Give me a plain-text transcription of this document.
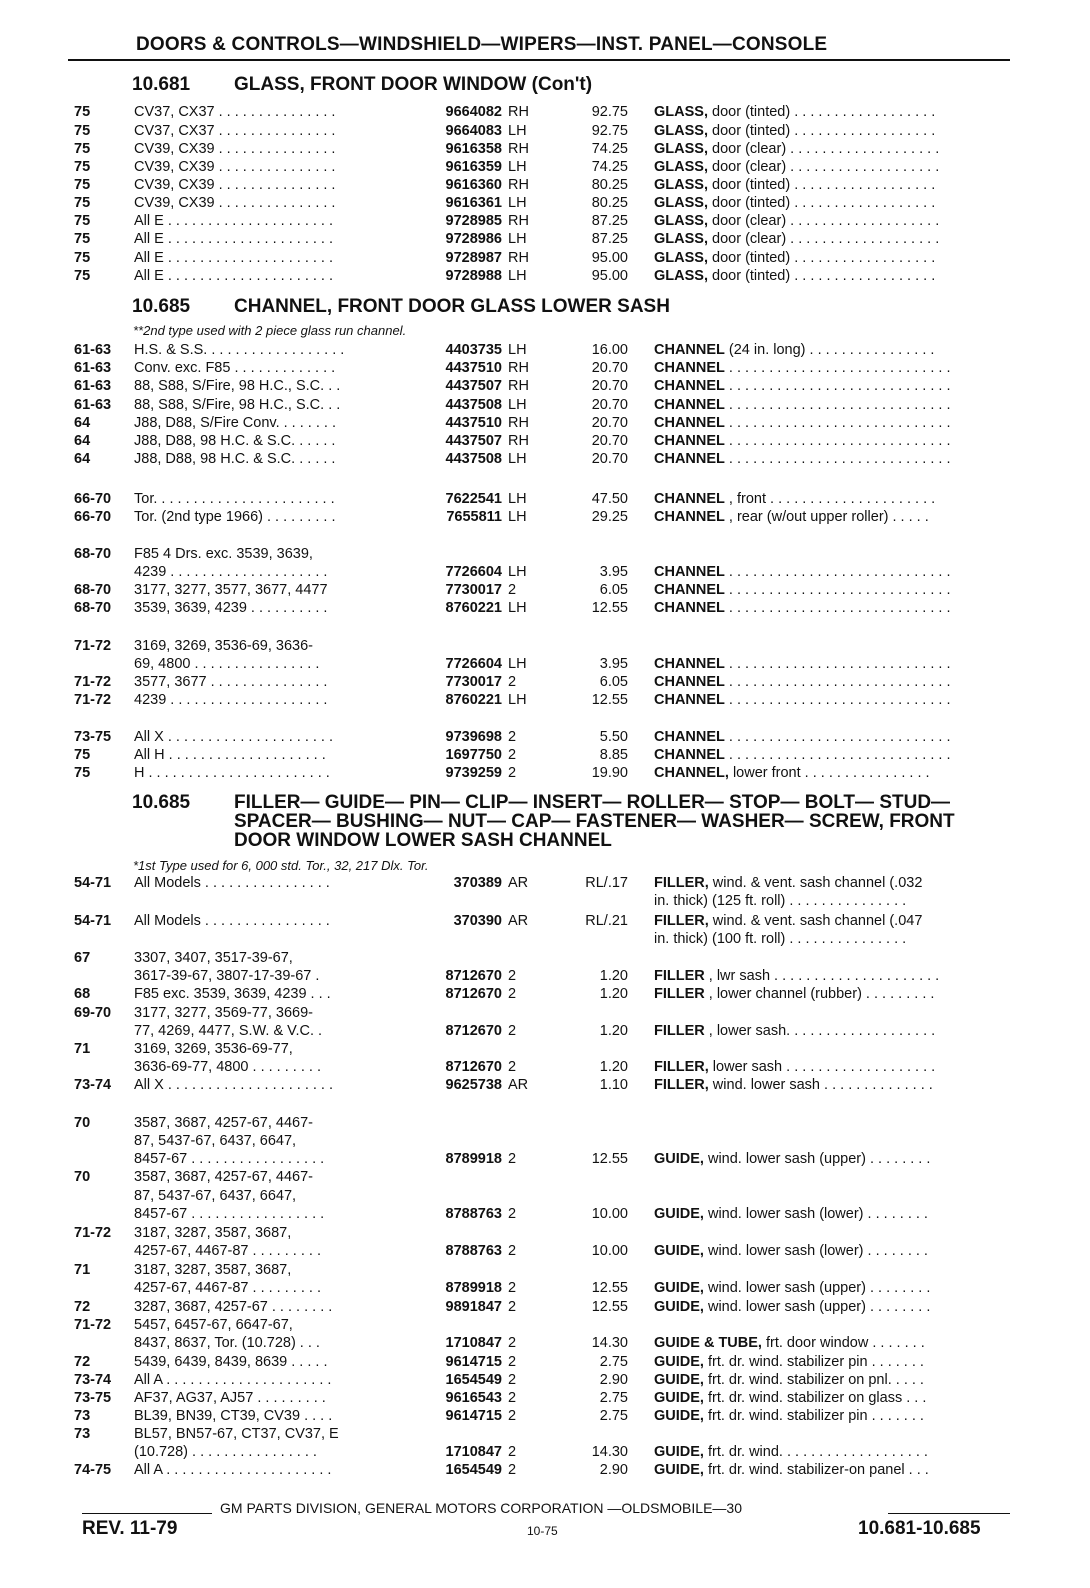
DOORS & CONTROLS—WINDSHIELD—WIPERS—INST. PANEL—CONSOLE
10.681 GLASS, FRONT DOOR WINDOW (Con't)
10.685 CHANNEL, FRONT DOOR GLASS LOWER SASH
**2nd type used with 2 piece glass run channel.
10.685 FILLER— GUIDE— PIN— CLIP— INSERT— ROLLER— STOP— BOLT— STUD— SPACER— BUSHING— NUT— CAP— FASTENER— WASHER— SCREW, FRONT DOOR WINDOW LOWER SASH CHANNEL
*1st Type used for 6, 000 std. Tor., 32, 217 Dlx. Tor.
75	CV37, CX37 . . . . . . . . . . . . . . .	9664082 RH	92.75 GLASS, door (tinted) . . . . . . . . . . . . . . . . . .
75	CV37, CX37 . . . . . . . . . . . . . . .	9664083 LH	92.75 GLASS, door (tinted) . . . . . . . . . . . . . . . . . .
75	CV39, CX39 . . . . . . . . . . . . . . .	9616358 RH	74.25 GLASS, door (clear) . . . . . . . . . . . . . . . . . . .
75	CV39, CX39 . . . . . . . . . . . . . . .	9616359 LH	74.25 GLASS, door (clear) . . . . . . . . . . . . . . . . . . .
75	CV39, CX39 . . . . . . . . . . . . . . .	9616360 RH	80.25 GLASS, door (tinted) . . . . . . . . . . . . . . . . . .
75	CV39, CX39 . . . . . . . . . . . . . . .	9616361 LH	80.25 GLASS, door (tinted) . . . . . . . . . . . . . . . . . .
75	All E . . . . . . . . . . . . . . . . . . . . .	9728985 RH	87.25 GLASS, door (clear) . . . . . . . . . . . . . . . . . . .
75	All E . . . . . . . . . . . . . . . . . . . . .	9728986 LH	87.25 GLASS, door (clear) . . . . . . . . . . . . . . . . . . .
75	All E . . . . . . . . . . . . . . . . . . . . .	9728987 RH	95.00 GLASS, door (tinted) . . . . . . . . . . . . . . . . . .
75	All E . . . . . . . . . . . . . . . . . . . . .	9728988 LH	95.00 GLASS, door (tinted) . . . . . . . . . . . . . . . . . .
61-63 H.S. & S.S. . . . . . . . . . . . . . . . . .	4403735 LH	16.00 CHANNEL (24 in. long) . . . . . . . . . . . . . . . .
61-63 Conv. exc. F85 . . . . . . . . . . . . .	4437510 RH	20.70 CHANNEL . . . . . . . . . . . . . . . . . . . . . . . . . . . .
61-63 88, S88, S/Fire, 98 H.C., S.C. . .	4437507 RH	20.70 CHANNEL . . . . . . . . . . . . . . . . . . . . . . . . . . . .
61-63 88, S88, S/Fire, 98 H.C., S.C. . .	4437508 LH	20.70 CHANNEL . . . . . . . . . . . . . . . . . . . . . . . . . . . .
64	J88, D88, S/Fire Conv. . . . . . . .	4437510 RH	20.70 CHANNEL . . . . . . . . . . . . . . . . . . . . . . . . . . . .
64	J88, D88, 98 H.C. & S.C. . . . . .	4437507 RH	20.70 CHANNEL . . . . . . . . . . . . . . . . . . . . . . . . . . . .
64	J88, D88, 98 H.C. & S.C. . . . . .	4437508 LH	20.70 CHANNEL . . . . . . . . . . . . . . . . . . . . . . . . . . . .
66-70 Tor. . . . . . . . . . . . . . . . . . . . . . .	7622541 LH	47.50 CHANNEL , front . . . . . . . . . . . . . . . . . . . . .
66-70 Tor. (2nd type 1966) . . . . . . . . .	7655811 LH	29.25 CHANNEL , rear (w/out upper roller) . . . . .
68-70 F85 4 Drs. exc. 3539, 3639,
4239 . . . . . . . . . . . . . . . . . . . .	7726604 LH	3.95 CHANNEL . . . . . . . . . . . . . . . . . . . . . . . . . . . .
68-70 3177, 3277, 3577, 3677, 4477	7730017 2	6.05 CHANNEL . . . . . . . . . . . . . . . . . . . . . . . . . . . .
68-70 3539, 3639, 4239 . . . . . . . . . .	8760221 LH	12.55 CHANNEL . . . . . . . . . . . . . . . . . . . . . . . . . . . .
71-72 3169, 3269, 3536-69, 3636-
69, 4800 . . . . . . . . . . . . . . . .	7726604 LH	3.95 CHANNEL . . . . . . . . . . . . . . . . . . . . . . . . . . . .
71-72 3577, 3677 . . . . . . . . . . . . . . .	7730017 2	6.05 CHANNEL . . . . . . . . . . . . . . . . . . . . . . . . . . . .
71-72 4239 . . . . . . . . . . . . . . . . . . . .	8760221 LH	12.55 CHANNEL . . . . . . . . . . . . . . . . . . . . . . . . . . . .
73-75 All X . . . . . . . . . . . . . . . . . . . . .	9739698 2	5.50 CHANNEL . . . . . . . . . . . . . . . . . . . . . . . . . . . .
75	All H . . . . . . . . . . . . . . . . . . . .	1697750 2	8.85 CHANNEL . . . . . . . . . . . . . . . . . . . . . . . . . . . .
75	H . . . . . . . . . . . . . . . . . . . . . . .	9739259 2	19.90 CHANNEL, lower front . . . . . . . . . . . . . . . .
54-71 All Models . . . . . . . . . . . . . . . .	370389 AR	RL/.17 FILLER, wind. & vent. sash channel (.032
in. thick) (125 ft. roll) . . . . . . . . . . . . . . .
54-71 All Models . . . . . . . . . . . . . . . .	370390 AR	RL/.21 FILLER, wind. & vent. sash channel (.047
in. thick) (100 ft. roll) . . . . . . . . . . . . . . .
67	3307, 3407, 3517-39-67,
3617-39-67, 3807-17-39-67 .	8712670 2	1.20 FILLER , lwr sash . . . . . . . . . . . . . . . . . . . . .
68	F85 exc. 3539, 3639, 4239 . . .	8712670 2	1.20 FILLER , lower channel (rubber) . . . . . . . . .
69-70 3177, 3277, 3569-77, 3669-
77, 4269, 4477, S.W. & V.C. .	8712670 2	1.20 FILLER , lower sash. . . . . . . . . . . . . . . . . . .
71	3169, 3269, 3536-69-77,
3636-69-77, 4800 . . . . . . . . .	8712670 2	1.20 FILLER, lower sash . . . . . . . . . . . . . . . . . . .
73-74 All X . . . . . . . . . . . . . . . . . . . . .	9625738 AR	1.10 FILLER, wind. lower sash . . . . . . . . . . . . . .
70	3587, 3687, 4257-67, 4467-
87, 5437-67, 6437, 6647,
8457-67 . . . . . . . . . . . . . . . . .	8789918 2	12.55 GUIDE, wind. lower sash (upper) . . . . . . . .
70	3587, 3687, 4257-67, 4467-
87, 5437-67, 6437, 6647,
8457-67 . . . . . . . . . . . . . . . . .	8788763 2	10.00 GUIDE, wind. lower sash (lower) . . . . . . . .
71-72 3187, 3287, 3587, 3687,
4257-67, 4467-87 . . . . . . . . .	8788763 2	10.00 GUIDE, wind. lower sash (lower) . . . . . . . .
71	3187, 3287, 3587, 3687,
4257-67, 4467-87 . . . . . . . . .	8789918 2	12.55 GUIDE, wind. lower sash (upper) . . . . . . . .
72	3287, 3687, 4257-67 . . . . . . . .	9891847 2	12.55 GUIDE, wind. lower sash (upper) . . . . . . . .
71-72 5457, 6457-67, 6647-67,
8437, 8637, Tor. (10.728) . . .	1710847 2	14.30 GUIDE & TUBE, frt. door window . . . . . . .
72	5439, 6439, 8439, 8639 . . . . .	9614715 2	2.75 GUIDE, frt. dr. wind. stabilizer pin . . . . . . .
73-74 All A . . . . . . . . . . . . . . . . . . . . .	1654549 2	2.90 GUIDE, frt. dr. wind. stabilizer on pnl. . . . .
73-75 AF37, AG37, AJ57 . . . . . . . . .	9616543 2	2.75 GUIDE, frt. dr. wind. stabilizer on glass . . .
73	BL39, BN39, CT39, CV39 . . . .	9614715 2	2.75 GUIDE, frt. dr. wind. stabilizer pin . . . . . . .
73	BL57, BN57-67, CT37, CV37, E
(10.728) . . . . . . . . . . . . . . . .	1710847 2	14.30 GUIDE, frt. dr. wind. . . . . . . . . . . . . . . . . . .
74-75 All A . . . . . . . . . . . . . . . . . . . . .	1654549 2	2.90 GUIDE, frt. dr. wind. stabilizer-on panel . . .
GM PARTS DIVISION, GENERAL MOTORS CORPORATION —OLDSMOBILE—30
REV. 11-79	10-75	10.681-10.685
